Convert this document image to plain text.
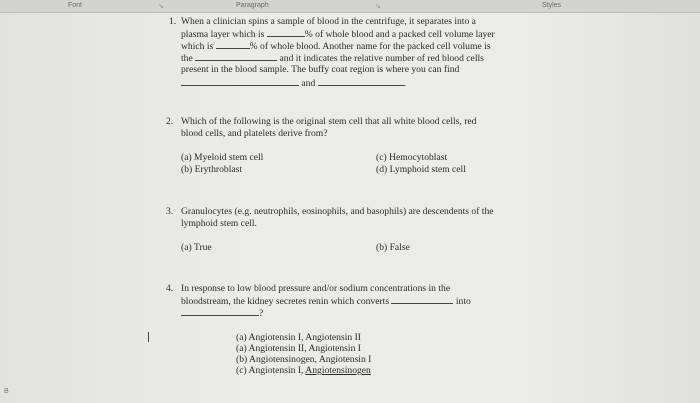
Font	↘	Paragraph	↘	Styles
1. When a clinician spins a sample of blood in the centrifuge, it separates into a
plasma layer which is	% of whole blood and a packed cell volume layer
which is	% of whole blood. Another name for the packed cell volume is
the	and it indicates the relative number of red blood cells
present in the blood sample. The buffy coat region is where you can find
and	.
2. Which of the following is the original stem cell that all white blood cells, red
blood cells, and platelets derive from?
(a) Myeloid stem cell	(c) Hemocytoblast
(b) Erythroblast	(d) Lymphoid stem cell
3. Granulocytes (e.g. neutrophils, eosinophils, and basophils) are descendents of the
lymphoid stem cell.
(a) True	(b) False
4. In response to low blood pressure and/or sodium concentrations in the
bloodstream, the kidney secretes renin which converts	into
?
(a) Angiotensin I, Angiotensin II
(a) Angiotensin II, Angiotensin I
(b) Angiotensinogen, Angiotensin I
(c) Angiotensin I, Angiotensinogen
B
